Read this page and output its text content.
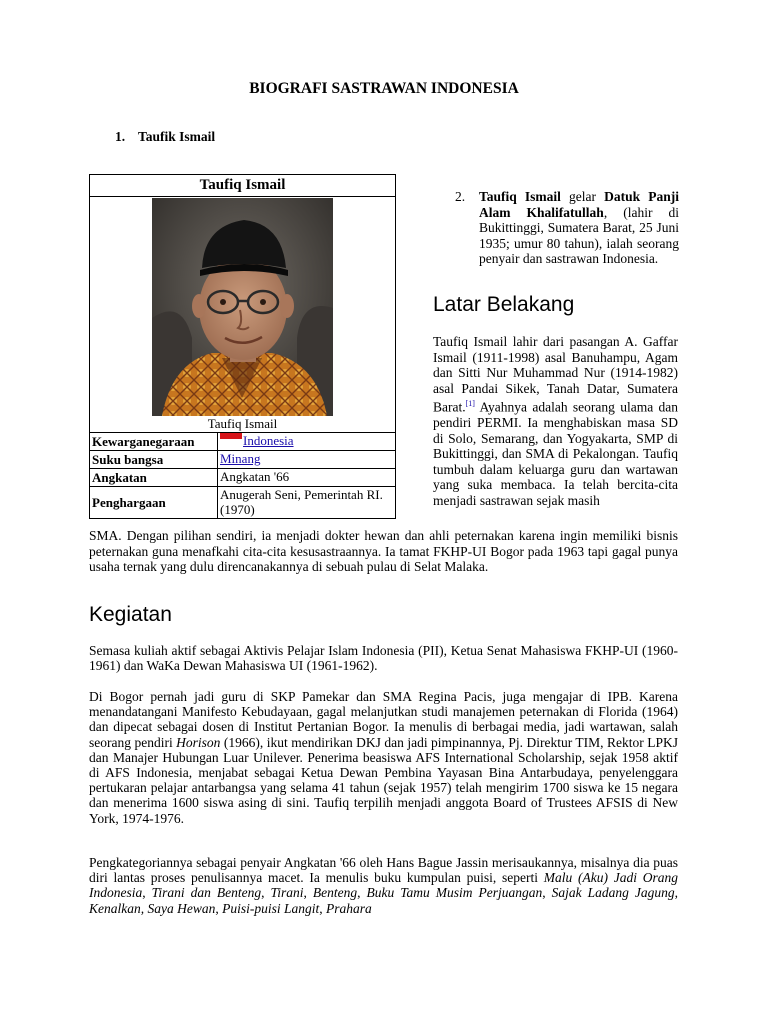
BIOGRAFI SASTRAWAN INDONESIA
1. Taufik Ismail
Taufiq Ismail
Taufiq Ismail
Kewarganegaraan	Indonesia
Suku bangsa	Minang
Angkatan	Angkatan '66
Penghargaan	Anugerah Seni, Pemerintah RI. (1970)
2. Taufiq Ismail gelar Datuk Panji Alam Khalifatullah, (lahir di Bukittinggi, Sumatera Barat, 25 Juni 1935; umur 80 tahun), ialah seorang penyair dan sastrawan Indonesia.
Latar Belakang
Taufiq Ismail lahir dari pasangan A. Gaffar Ismail (1911-1998) asal Banuhampu, Agam dan Sitti Nur Muhammad Nur (1914-1982) asal Pandai Sikek, Tanah Datar, Sumatera Barat.[1] Ayahnya adalah seorang ulama dan pendiri PERMI. Ia menghabiskan masa SD di Solo, Semarang, dan Yogyakarta, SMP di Bukittinggi, dan SMA di Pekalongan. Taufiq tumbuh dalam keluarga guru dan wartawan yang suka membaca. Ia telah bercita-cita menjadi sastrawan sejak masih
SMA. Dengan pilihan sendiri, ia menjadi dokter hewan dan ahli peternakan karena ingin memiliki bisnis peternakan guna menafkahi cita-cita kesusastraannya. Ia tamat FKHP-UI Bogor pada 1963 tapi gagal punya usaha ternak yang dulu direncanakannya di sebuah pulau di Selat Malaka.
Kegiatan
Semasa kuliah aktif sebagai Aktivis Pelajar Islam Indonesia (PII), Ketua Senat Mahasiswa FKHP-UI (1960-1961) dan WaKa Dewan Mahasiswa UI (1961-1962).
Di Bogor pernah jadi guru di SKP Pamekar dan SMA Regina Pacis, juga mengajar di IPB. Karena menandatangani Manifesto Kebudayaan, gagal melanjutkan studi manajemen peternakan di Florida (1964) dan dipecat sebagai dosen di Institut Pertanian Bogor. Ia menulis di berbagai media, jadi wartawan, salah seorang pendiri Horison (1966), ikut mendirikan DKJ dan jadi pimpinannya, Pj. Direktur TIM, Rektor LPKJ dan Manajer Hubungan Luar Unilever. Penerima beasiswa AFS International Scholarship, sejak 1958 aktif di AFS Indonesia, menjabat sebagai Ketua Dewan Pembina Yayasan Bina Antarbudaya, penyelenggara pertukaran pelajar antarbangsa yang selama 41 tahun (sejak 1957) telah mengirim 1700 siswa ke 15 negara dan menerima 1600 siswa asing di sini. Taufiq terpilih menjadi anggota Board of Trustees AFSIS di New York, 1974-1976.
Pengkategoriannya sebagai penyair Angkatan '66 oleh Hans Bague Jassin merisaukannya, misalnya dia puas diri lantas proses penulisannya macet. Ia menulis buku kumpulan puisi, seperti Malu (Aku) Jadi Orang Indonesia, Tirani dan Benteng, Tirani, Benteng, Buku Tamu Musim Perjuangan, Sajak Ladang Jagung, Kenalkan, Saya Hewan, Puisi-puisi Langit, Prahara
